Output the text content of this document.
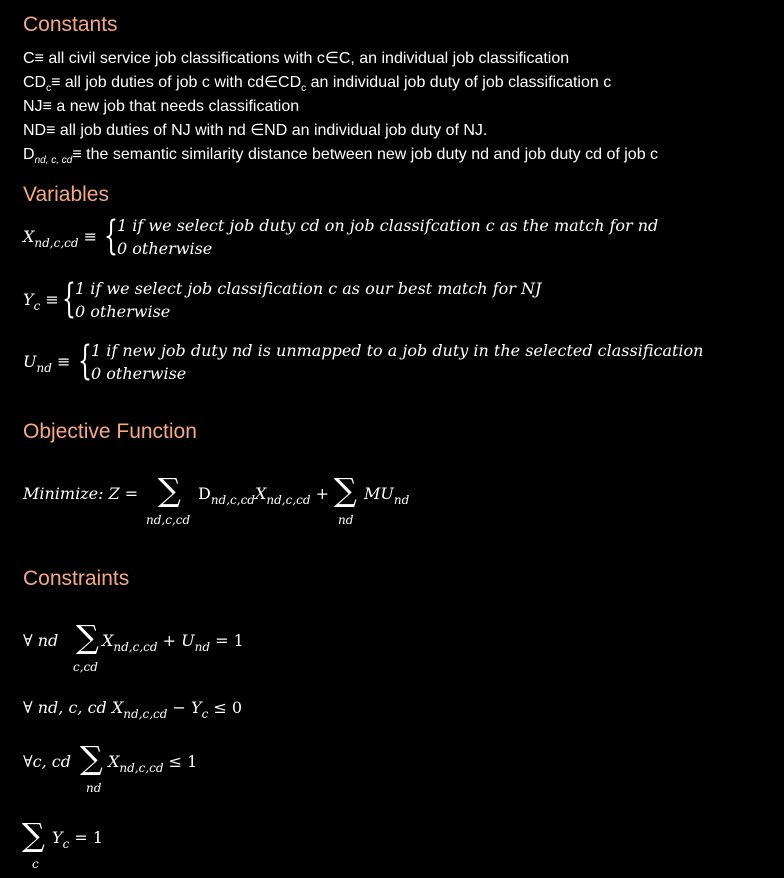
Constants
C≡ all civil service job classifications with c∈C, an individual job classification
$CD_c\equiv$ all job duties of job c with $cd\in CD_c$ an individual job duty of job classification c
NJ≡ a new job that needs classification
ND≡ all job duties of NJ with nd ∈ND an individual job duty of NJ.
$D_{nd, c, cd}\equiv$ the semantic similarity distance between new job duty nd and job duty cd of job c
Variables
$X_{nd,c,cd}$ ≡ { 1 if we select job duty cd on job classifcation c as the match for nd
0 otherwise
$Y_c$ ≡ { 1 if we select job classification c as our best match for NJ
0 otherwise
$U_{nd}$ ≡ { 1 if new job duty nd is unmapped to a job duty in the selected classification
0 otherwise
Objective Function
Minimize: Z = ∑
nd,c,cd
$D_{nd,c,cd}X_{nd,c,cd}$ + ∑
nd
$MU_{nd}$
Constraints
∀ nd ∑
c,cd
$X_{nd,c,cd} + U_{nd} = 1$
∀ nd, c, cd $X_{nd,c,cd} - Y_c \le 0$
∀c, cd ∑
nd
$X_{nd,c,cd} \le 1$
∑
c
$Y_c = 1$
